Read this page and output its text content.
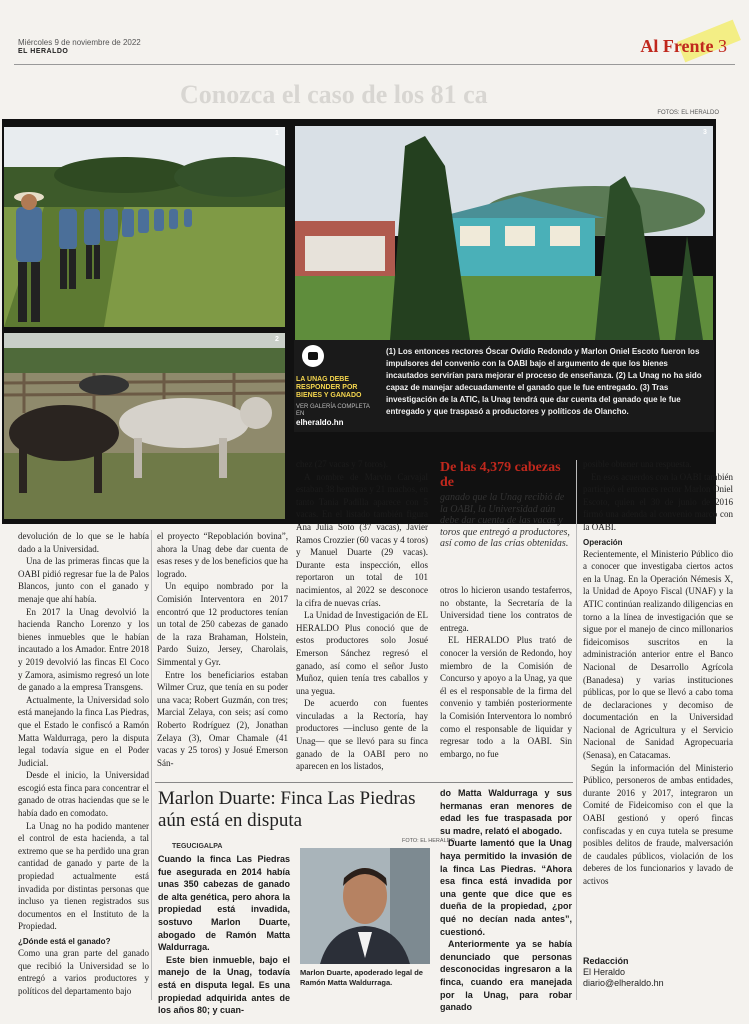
Miércoles 9 de noviembre de 2022
EL HERALDO	Al Frente 3
Conozca el caso de los 81 ca
FOTOS: EL HERALDO
1
2
3
LA UNAG DEBE RESPONDER POR BIENES Y GANADO
VER GALERÍA COMPLETA EN
elheraldo.hn
(1) Los entonces rectores Óscar Ovidio Redondo y Marlon Oniel Escoto fueron los impulsores del convenio con la OABI bajo el argumento de que los bienes incautados servirían para mejorar el proceso de enseñanza. (2) La Unag no ha sido capaz de manejar adecuadamente el ganado que le fue entregado. (3) Tras investigación de la ATIC, la Unag tendrá que dar cuenta del ganado que le fue entregado y que traspasó a productores y políticos de Olancho.

devolución de lo que se le había dado a la Universidad.

Una de las primeras fincas que la OABI pidió regresar fue la de Palos Blancos, junto con el ganado y menaje que ahí había.

En 2017 la Unag devolvió la hacienda Rancho Lorenzo y los bienes inmuebles que le habían incautado a los Amador. Entre 2018 y 2019 devolvió las fincas El Coco y Zamora, asimismo regresó un lote de ganado a la empresa Transgens.

Actualmente, la Universidad solo está manejando la finca Las Piedras, que el Estado le confiscó a Ramón Matta Waldurraga, pero la disputa legal todavía sigue en el Poder Judicial.

Desde el inicio, la Universidad escogió esta finca para concentrar el ganado de otras haciendas que se le había dado en comodato.

La Unag no ha podido mantener el control de esta hacienda, a tal extremo que se ha perdido una gran cantidad de ganado y parte de la propiedad actualmente está invadida por distintas personas que incluso ya tienen registrados sus documentos en el Instituto de la Propiedad.

¿Dónde está el ganado?

Como una gran parte del ganado que recibió la Universidad se lo entregó a varios productores y políticos del departamento bajo

el proyecto “Repoblación bovina”, ahora la Unag debe dar cuenta de esas reses y de los beneficios que ha logrado.

Un equipo nombrado por la Comisión Interventora en 2017 encontró que 12 productores tenían un total de 250 cabezas de ganado de la raza Brahaman, Holstein, Pardo Suizo, Jersey, Charolais, Simmental y Gyr.

Entre los beneficiarios estaban Wilmer Cruz, que tenía en su poder una vaca; Robert Guzmán, con tres; Marcial Zelaya, con seis; así como Roberto Rodríguez (2), Jonathan Zelaya (3), Omar Chamale (41 vacas y 25 toros) y Josué Emerson Sán-

chez (27 vacas y 7 toros).

A nombre de Marvin Carvajal estaban 38 hembras y 21 machos, en tanto Tania Padilla aparece con 5 vacas. En el listado también figura Ana Julia Soto (37 vacas), Javier Ramos Crozzier (60 vacas y 4 toros) y Manuel Duarte (29 vacas). Durante esta inspección, ellos reportaron un total de 101 nacimientos, al 2022 se desconoce la cifra de nuevas crías.

La Unidad de Investigación de EL HERALDO Plus conoció que de estos productores solo Josué Emerson Sánchez regresó el ganado, así como el señor Justo Muñoz, quien tenía tres caballos y una yegua.

De acuerdo con fuentes vinculadas a la Rectoría, hay productores —incluso gente de la Unag— que se llevó para su finca ganado de la OABI pero no aparecen en los listados,

De las 4,379 cabezas de
ganado que la Unag recibió de la OABI, la Universidad aún debe dar cuenta de las vacas y toros que entregó a productores, así como de las crías obtenidas.

otros lo hicieron usando testaferros, no obstante, la Secretaría de la Universidad tiene los contratos de entrega.

EL HERALDO Plus trató de conocer la versión de Redondo, hoy miembro de la Comisión de Concurso y apoyo a la Unag, ya que él es el responsable de la firma del convenio y también posteriormente la Comisión Interventora lo nombró como el responsable de liquidar y regresar todo a la OABI. Sin embargo, no fue

posible obtener una respuesta.

En esos acuerdos con la OABI también participó el entonces rector Marlon Oniel Escoto, quien el 30 de junio de 2016 firmó una adenda al convenio marco con la OABI.

Operación

Recientemente, el Ministerio Público dio a conocer que investigaba ciertos actos en la Unag. En la Operación Némesis X, la Unidad de Apoyo Fiscal (UNAF) y la ATIC continúan realizando diligencias en torno a la línea de investigación que se sigue por el manejo de cinco millonarios fideicomisos suscritos en la administración anterior entre el Banco Nacional de Desarrollo Agrícola (Banadesa) y varias instituciones públicas, por lo que se llevó a cabo toma de declaraciones y decomiso de documentación en la Universidad Nacional de Agricultura y el Servicio Nacional de Sanidad Agropecuaria (Senasa), en Catacamas.

Según la información del Ministerio Público, personeros de ambas entidades, durante 2016 y 2017, integraron un Comité de Fideicomiso con el que la OABI gestionó y operó fincas confiscadas y en cuya tutela se presume posibles delitos de fraude, malversación de caudales públicos, violación de los deberes de los funcionarios y lavado de activos

Marlon Duarte: Finca Las Piedras aún está en disputa
TEGUCIGALPA

Cuando la finca Las Piedras fue asegurada en 2014 había unas 350 cabezas de ganado de alta genética, pero ahora la propiedad está invadida, sostuvo Marlon Duarte, abogado de Ramón Matta Waldurraga.

Este bien inmueble, bajo el manejo de la Unag, todavía está en disputa legal. Es una propiedad adquirida antes de los años 80; y cuan-

FOTO: EL HERALDO
Marlon Duarte, apoderado legal de Ramón Matta Waldurraga.

do Matta Waldurraga y sus hermanas eran menores de edad les fue traspasada por su madre, relató el abogado.

Duarte lamentó que la Unag haya permitido la invasión de la finca Las Piedras. “Ahora esa finca está invadida por una gente que dice que es dueña de la propiedad, ¿por qué no decían nada antes”, cuestionó.

Anteriormente ya se había denunciado que personas desconocidas ingresaron a la finca, cuando era manejada por la Unag, para robar ganado

Redacción
El Heraldo
diario@elheraldo.hn
